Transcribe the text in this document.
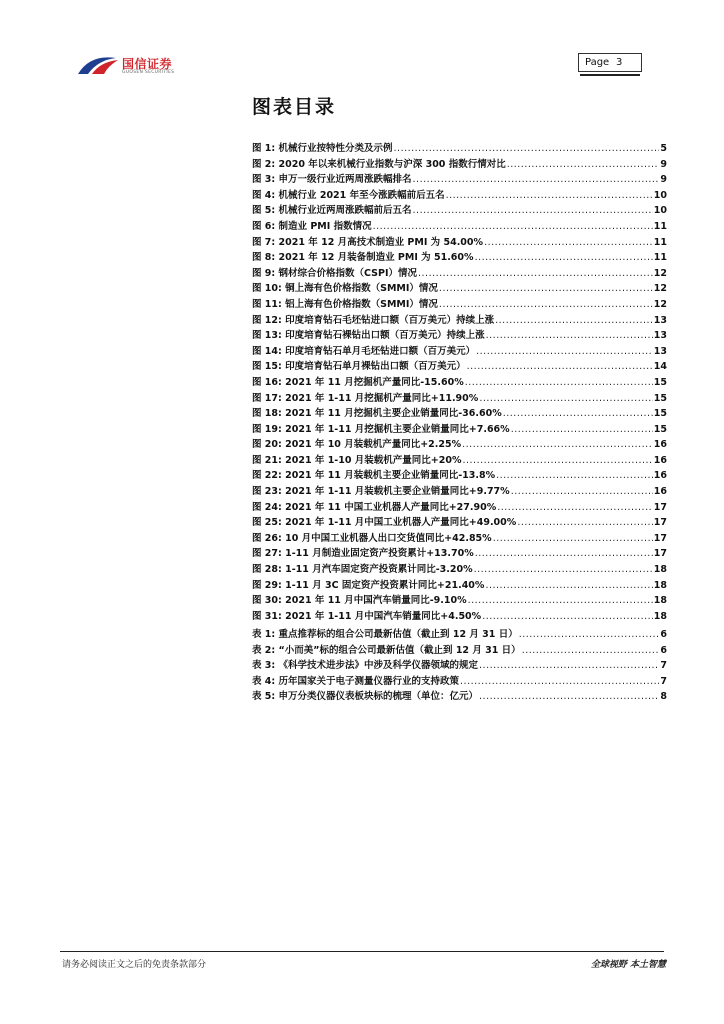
国信证券
GUOSEN SECURITIES
Page 3
图表目录
图 1: 机械行业按特性分类及示例 .....	5
图 2: 2020 年以来机械行业指数与沪深 300 指数行情对比 .....	9
图 3: 申万一级行业近两周涨跌幅排名 .....	9
图 4: 机械行业 2021 年至今涨跌幅前后五名 .....	10
图 5: 机械行业近两周涨跌幅前后五名 .....	10
图 6: 制造业 PMI 指数情况 .....	11
图 7: 2021 年 12 月高技术制造业 PMI 为 54.00% .....	11
图 8: 2021 年 12 月装备制造业 PMI 为 51.60% .....	11
图 9: 钢材综合价格指数（CSPI）情况 .....	12
图 10: 铜上海有色价格指数（SMMI）情况 .....	12
图 11: 铝上海有色价格指数（SMMI）情况 .....	12
图 12: 印度培育钻石毛坯钻进口额（百万美元）持续上涨 .....	13
图 13: 印度培育钻石裸钻出口额（百万美元）持续上涨 .....	13
图 14: 印度培育钻石单月毛坯钻进口额（百万美元） .....	13
图 15: 印度培育钻石单月裸钻出口额（百万美元） .....	14
图 16: 2021 年 11 月挖掘机产量同比-15.60% .....	15
图 17: 2021 年 1-11 月挖掘机产量同比+11.90% .....	15
图 18: 2021 年 11 月挖掘机主要企业销量同比-36.60% .....	15
图 19: 2021 年 1-11 月挖掘机主要企业销量同比+7.66% .....	15
图 20: 2021 年 10 月装载机产量同比+2.25% .....	16
图 21: 2021 年 1-10 月装载机产量同比+20% .....	16
图 22: 2021 年 11 月装载机主要企业销量同比-13.8% .....	16
图 23: 2021 年 1-11 月装载机主要企业销量同比+9.77% .....	16
图 24: 2021 年 11 中国工业机器人产量同比+27.90% .....	17
图 25: 2021 年 1-11 月中国工业机器人产量同比+49.00% .....	17
图 26: 10 月中国工业机器人出口交货值同比+42.85% .....	17
图 27: 1-11 月制造业固定资产投资累计+13.70% .....	17
图 28: 1-11 月汽车固定资产投资累计同比-3.20% .....	18
图 29: 1-11 月 3C 固定资产投资累计同比+21.40% .....	18
图 30: 2021 年 11 月中国汽车销量同比-9.10% .....	18
图 31: 2021 年 1-11 月中国汽车销量同比+4.50% .....	18
表 1: 重点推荐标的组合公司最新估值（截止到 12 月 31 日） .....	6
表 2: “小而美”标的组合公司最新估值（截止到 12 月 31 日） .....	6
表 3: 《科学技术进步法》中涉及科学仪器领域的规定 .....	7
表 4: 历年国家关于电子测量仪器行业的支持政策 .....	7
表 5: 申万分类仪器仪表板块标的梳理（单位：亿元） .....	8
请务必阅读正文之后的免责条款部分	全球视野 本土智慧
